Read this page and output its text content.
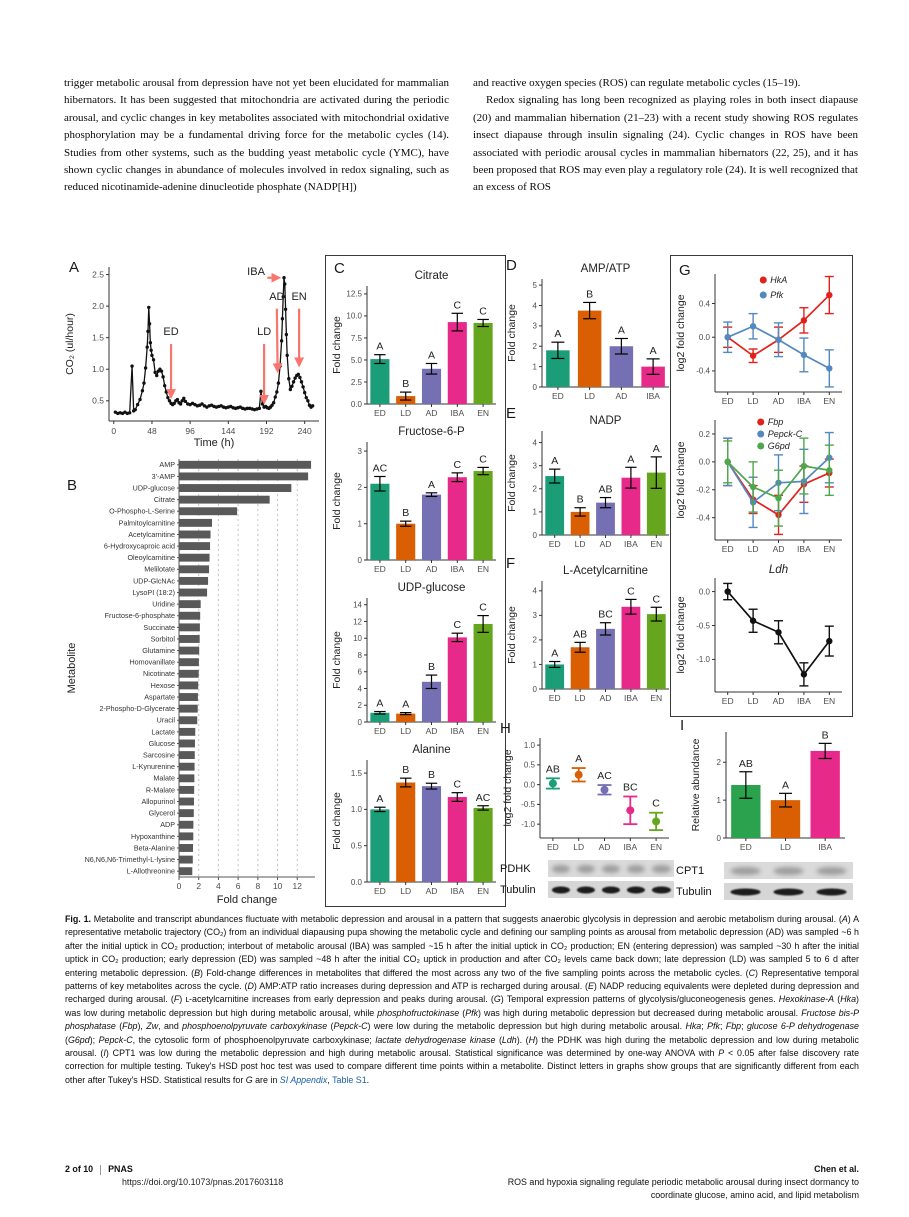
trigger metabolic arousal from depression have not yet been elucidated for mammalian hibernators. It has been suggested that mitochondria are activated during the periodic arousal, and cyclic changes in key metabolites associated with mitochondrial oxidative phosphorylation may be a fundamental driving force for the metabolic cycles (14). Studies from other systems, such as the budding yeast metabolic cycle (YMC), have shown cyclic changes in abundance of molecules involved in redox signaling, such as reduced nicotinamide-adenine dinucleotide phosphate (NADP[H])

and reactive oxygen species (ROS) can regulate metabolic cycles (15–19).

Redox signaling has long been recognized as playing roles in both insect diapause (20) and mammalian hibernation (21–23) with a recent study showing ROS regulates insect diapause through insulin signaling (24). Cyclic changes in ROS have been associated with periodic arousal cycles in mammalian hibernators (22, 25), and it has been proposed that ROS may even play a regulatory role (24). It is well recognized that an excess of ROS

A
0.5
1.0
1.5
2.0
2.5
0	48	96	144	192	240
ED	LD
AD
IBA
EN
Time (h)
CO₂ (ul/hour)
B
AMP
3'-AMP
UDP-glucose
Citrate
O-Phospho-L-Serine
Palmitoylcarnitine
Acetylcarnitine
6-Hydroxycaproic acid
Oleoylcarnitine
Melilotate
UDP-GlcNAc
LysoPI (18:2)
Uridine
Fructose-6-phosphate
Succinate
Sorbitol
Glutamine
Homovanillate
Nicotinate
Hexose
Aspartate
2-Phospho-D-Glycerate
Uracil
Lactate
Glucose
Sarcosine
L-Kynurenine
Malate
R-Malate
Allopurinol
Glycerol
ADP
Hypoxanthine
Beta-Alanine
N6,N6,N6-Trimethyl-L-lysine
L-Allothreonine
0 2 4 6 8 10 12
Fold change
Metabolite
C
0.0
2.5
5.0
7.5
10.0
12.5
A
B
A
C
C
ED LD AD IBA EN
Citrate
Fold change
0
1
2
3
AC
B
A
C C
ED LD AD IBA EN
Fructose-6-P
Fold change
0
2
4
6
8
10
12
14
A A
B
C
C
ED LD AD IBA EN
UDP-glucose
Fold change
0.0
0.5
1.0
1.5
A
B B
C
AC
ED LD AD IBA EN
Alanine
Fold change
D
0
1
2
3
4
5
A
B
A
A
ED LD AD IBA
AMP/ATP
Fold change
E
0
1
2
3
4
A
B
AB
A
A
ED LD AD IBA EN
NADP
Fold change
F
0
1
2
3
4
A
AB
BC
C
C
ED LD AD IBA EN
L-Acetylcarnitine
Fold change
G
-0.4
0.0
0.4
ED LD AD IBA EN
HkA
Pfk
log2 fold change
0.2
0.0
-0.2
-0.4
ED LD AD IBA EN
Fbp
Pepck-C
G6pd
log2 fold change
0.0
-0.5
-1.0
ED LD AD IBA EN
Ldh
log2 fold change
H
1.0
0.5
0.0
-0.5
-1.0
AB
A
AC
BC
C
ED LD AD IBA EN
log2 fold change
PDHK
Tubulin
I
0
1
2 AB
A
B
ED	LD	IBA
Relative abundance
CPT1
Tubulin
Fig. 1. Metabolite and transcript abundances fluctuate with metabolic depression and arousal in a pattern that suggests anaerobic glycolysis in depression and aerobic metabolism during arousal. (A) A representative metabolic trajectory (CO₂) from an individual diapausing pupa showing the metabolic cycle and defining our sampling points as arousal from metabolic depression (AD) was sampled ~6 h after the initial uptick in CO₂ production; interbout of metabolic arousal (IBA) was sampled ~15 h after the initial uptick in CO₂ production; EN (entering depression) was sampled ~30 h after the initial uptick in CO₂ production; early depression (ED) was sampled ~48 h after the initial CO₂ uptick in production and after CO₂ levels came back down; late depression (LD) was sampled 5 to 6 d after entering metabolic depression. (B) Fold-change differences in metabolites that differed the most across any two of the five sampling points across the metabolic cycles. (C) Representative temporal patterns of key metabolites across the cycle. (D) AMP:ATP ratio increases during depression and ATP is recharged during arousal. (E) NADP reducing equivalents were depleted during depression and recharged during arousal. (F) ʟ-acetylcarnitine increases from early depression and peaks during arousal. (G) Temporal expression patterns of glycolysis/gluconeogenesis genes. Hexokinase-A (Hka) was low during metabolic depression but high during metabolic arousal, while phosphofructokinase (Pfk) was high during metabolic depression but decreased during metabolic arousal. Fructose bis-P phosphatase (Fbp), Zw, and phosphoenolpyruvate carboxykinase (Pepck-C) were low during the metabolic depression but high during metabolic arousal. Hka; Pfk; Fbp; glucose 6-P dehydrogenase (G6pd); Pepck-C, the cytosolic form of phosphoenolpyruvate carboxykinase; lactate dehydrogenase kinase (Ldh). (H) the PDHK was high during the metabolic depression and low during metabolic arousal. (I) CPT1 was low during the metabolic depression and high during metabolic arousal. Statistical significance was determined by one-way ANOVA with P < 0.05 after false discovery rate correction for multiple testing. Tukey's HSD post hoc test was used to compare different time points within a metabolite. Distinct letters in graphs show groups that are significantly different from each other after Tukey's HSD. Statistical results for G are in SI Appendix, Table S1.
2 of 10 PNAS
https://doi.org/10.1073/pnas.2017603118
Chen et al.
ROS and hypoxia signaling regulate periodic metabolic arousal during insect dormancy to
coordinate glucose, amino acid, and lipid metabolism
